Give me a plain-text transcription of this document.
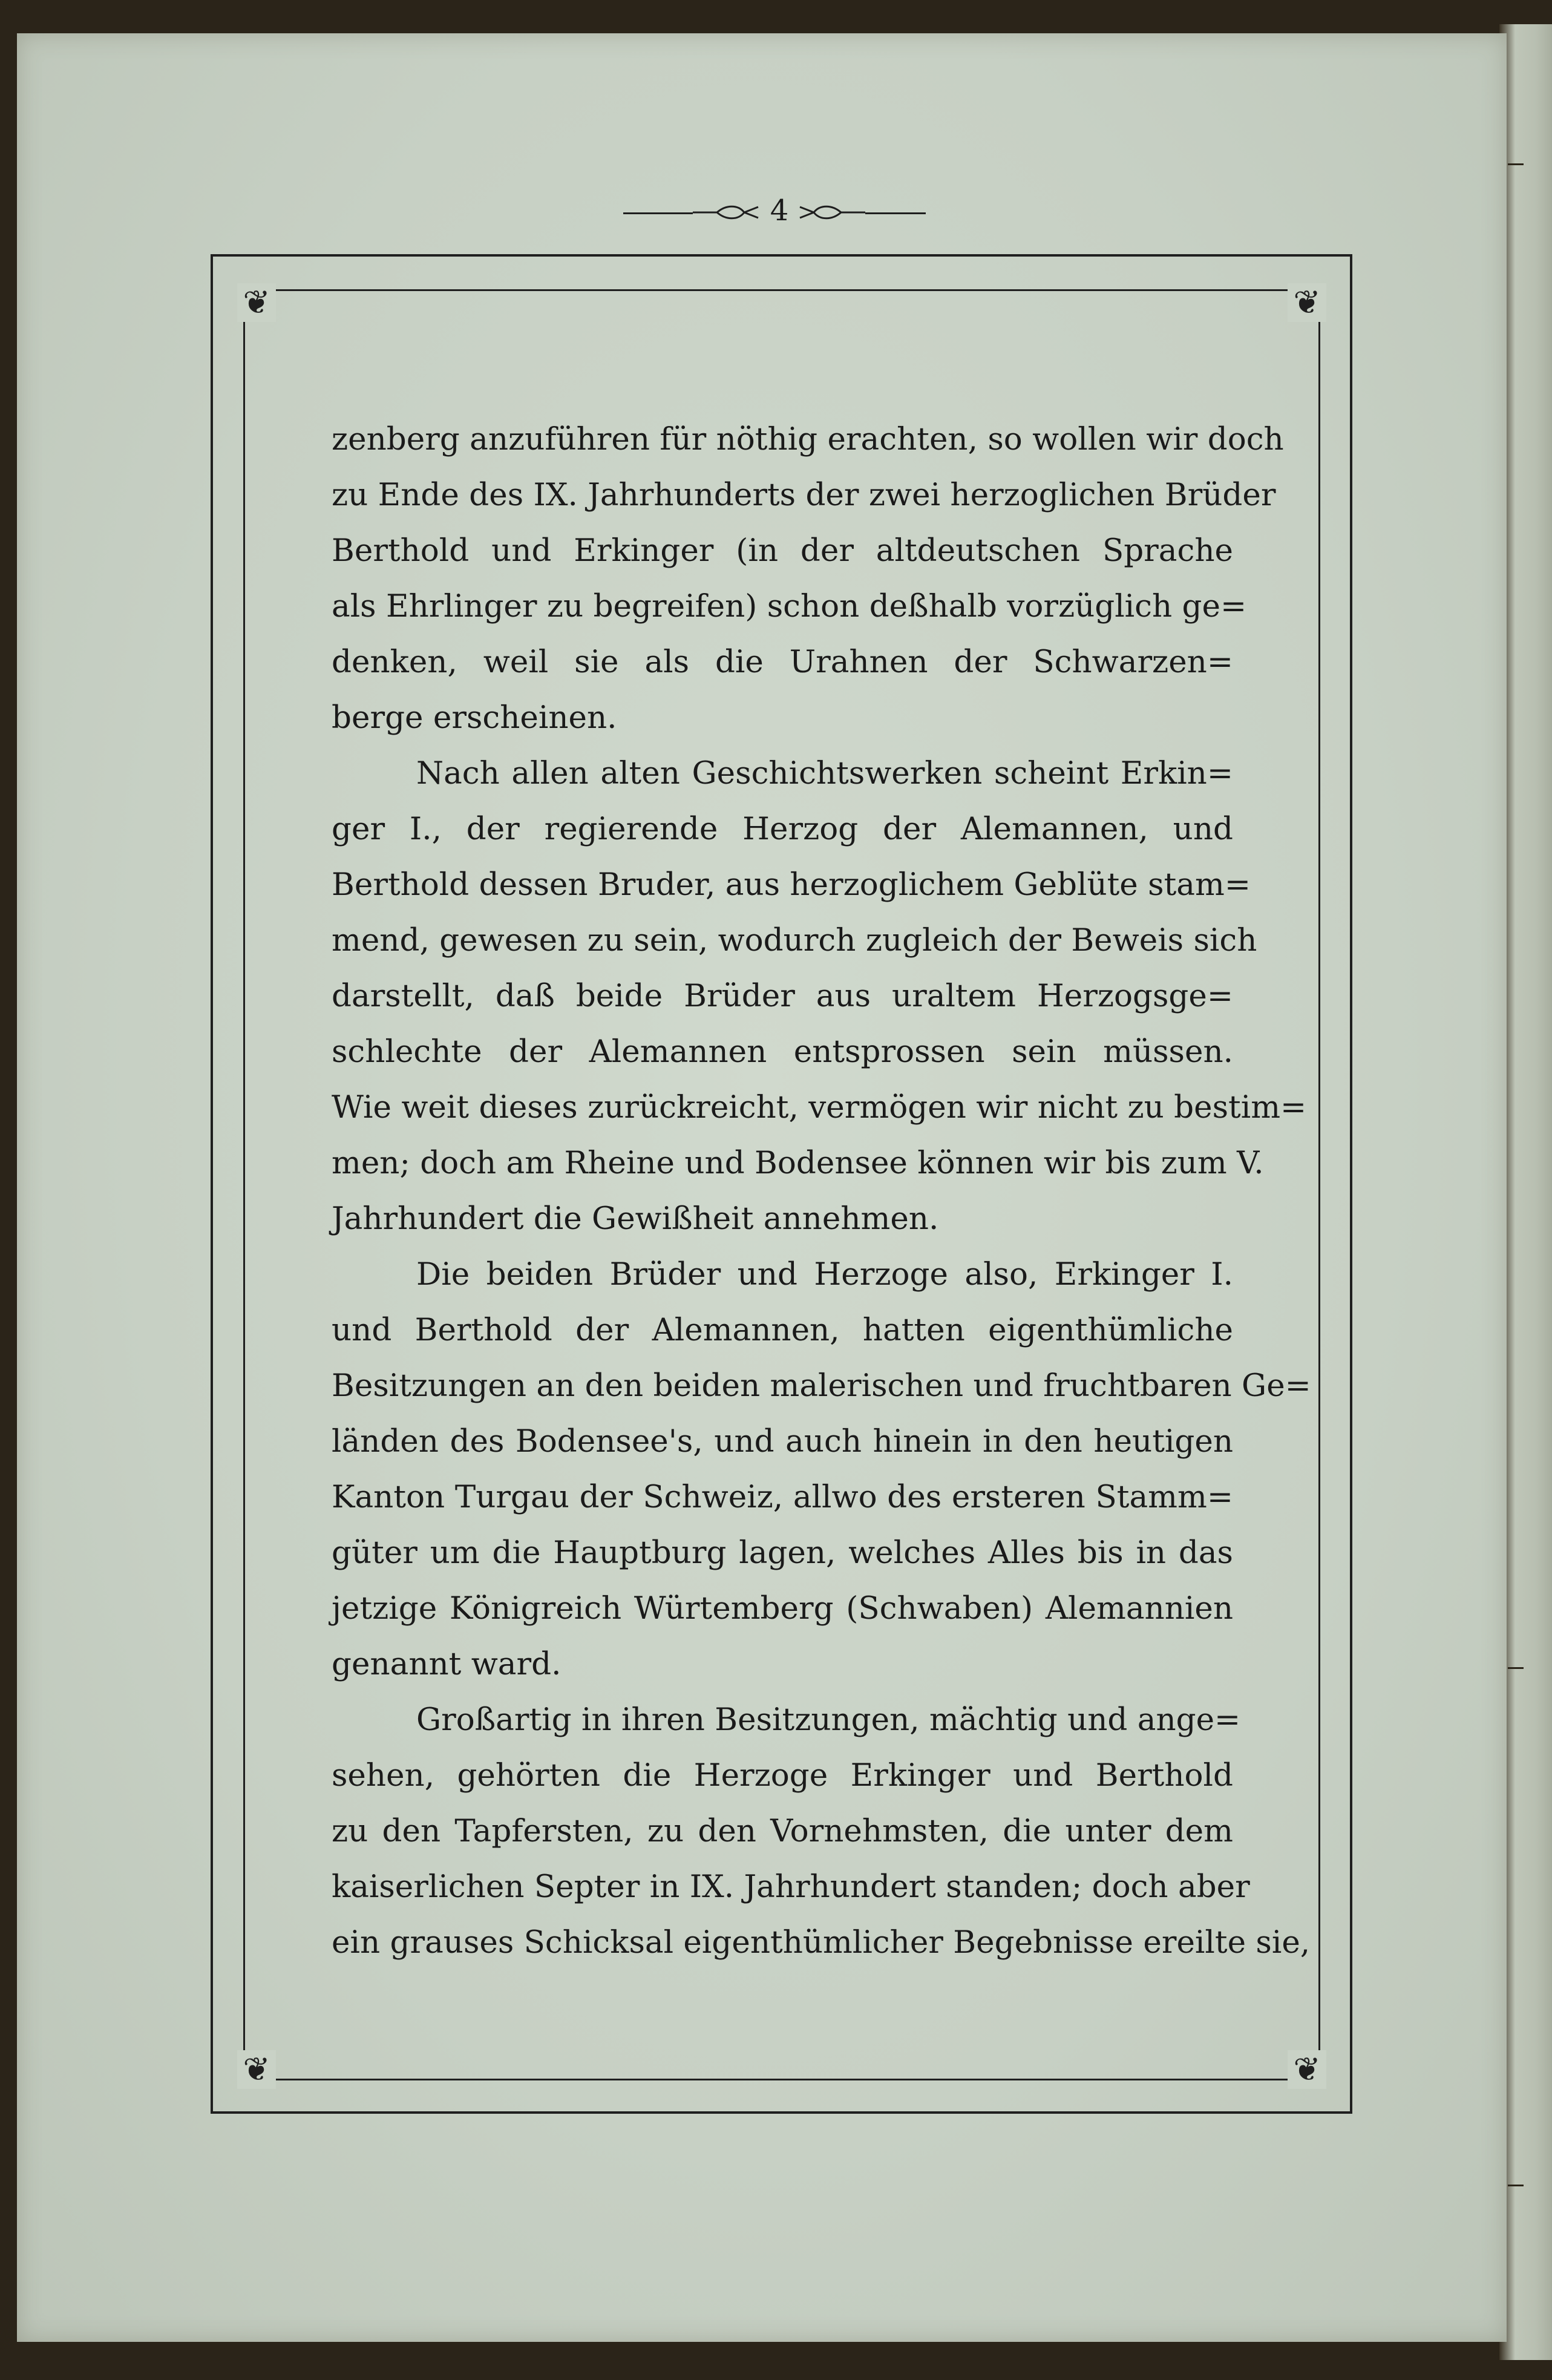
4
❦	❦
❦	❦
zenberg anzuführen für nöthig erachten, so wollen wir doch
zu Ende des IX. Jahrhunderts der zwei herzoglichen Brüder
Berthold und Erkinger (in der altdeutschen Sprache
als Ehrlinger zu begreifen) schon deßhalb vorzüglich ge=
denken, weil sie als die Urahnen der Schwarzen=
berge erscheinen.
Nach allen alten Geschichtswerken scheint Erkin=
ger I., der regierende Herzog der Alemannen, und
Berthold dessen Bruder, aus herzoglichem Geblüte stam=
mend, gewesen zu sein, wodurch zugleich der Beweis sich
darstellt, daß beide Brüder aus uraltem Herzogsge=
schlechte der Alemannen entsprossen sein müssen.
Wie weit dieses zurückreicht, vermögen wir nicht zu bestim=
men; doch am Rheine und Bodensee können wir bis zum V.
Jahrhundert die Gewißheit annehmen.
Die beiden Brüder und Herzoge also, Erkinger I.
und Berthold der Alemannen, hatten eigenthümliche
Besitzungen an den beiden malerischen und fruchtbaren Ge=
länden des Bodensee's, und auch hinein in den heutigen
Kanton Turgau der Schweiz, allwo des ersteren Stamm=
güter um die Hauptburg lagen, welches Alles bis in das
jetzige Königreich Würtemberg (Schwaben) Alemannien
genannt ward.
Großartig in ihren Besitzungen, mächtig und ange=
sehen, gehörten die Herzoge Erkinger und Berthold
zu den Tapfersten, zu den Vornehmsten, die unter dem
kaiserlichen Septer in IX. Jahrhundert standen; doch aber
ein grauses Schicksal eigenthümlicher Begebnisse ereilte sie,
